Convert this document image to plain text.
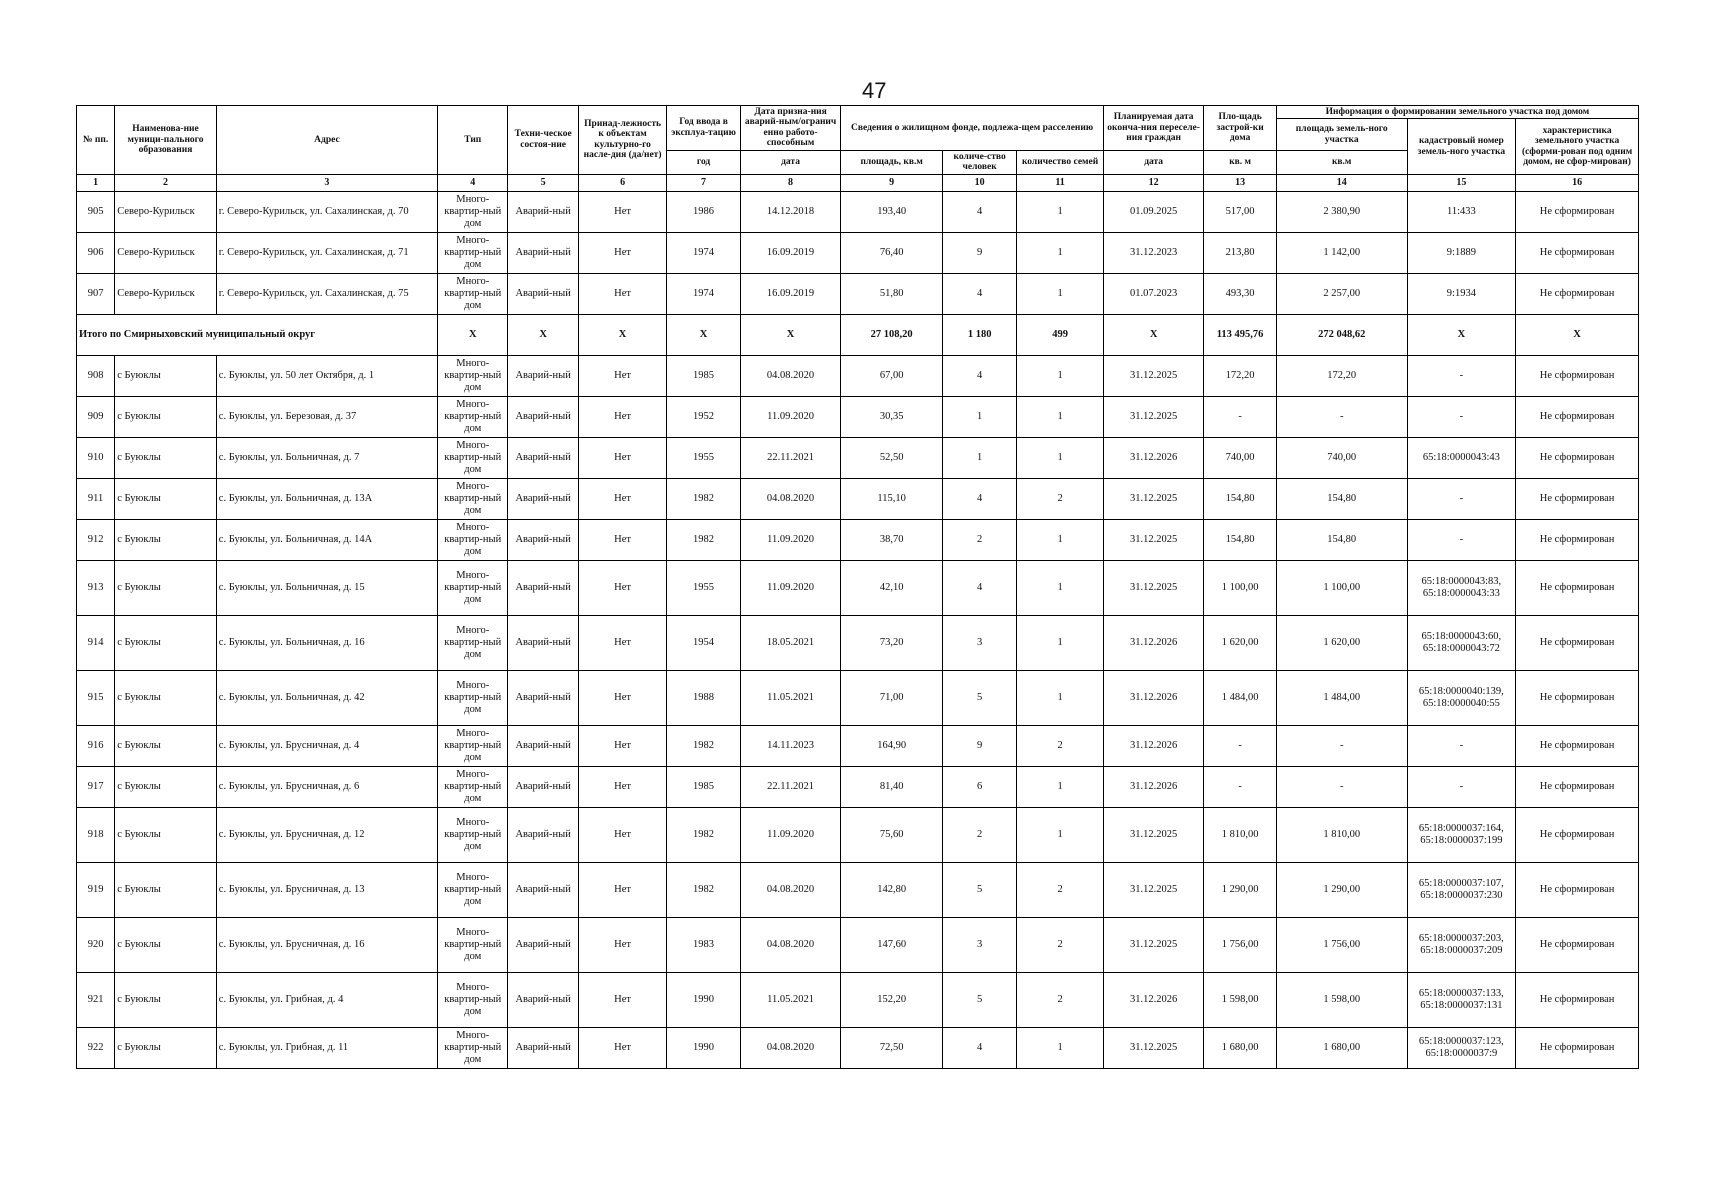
47
№ пп.	Наименова-ние муници-пального образования	Адрес	Тип	Техни-ческое состоя-ние	Принад-лежность к объектам культурно-го насле-дия (да/нет)	Год ввода в эксплуа-тацию	Дата призна-ния аварий-ным/огранич енно работо-способным	Сведения о жилищном фонде, подлежа-щем расселению			Планируемая дата оконча-ния переселе-ния граждан	Пло-щадь застрой-ки дома	Информация о формировании земельного участка под домом		
													площадь земель-ного участка	кадастровый номер земель-ного участка	характеристика земельного участка (сформи-рован под одним домом, не сфор-мирован)
						год	дата	площадь, кв.м	количе-ство человек	количество семей	дата	кв. м	кв.м		
1	2	3	4	5	6	7	8	9	10	11	12	13	14	15	16
905	Северо-Курильск	г. Северо-Курильск, ул. Сахалинская, д. 70	Много-квартир-ный дом	Аварий-ный	Нет	1986	14.12.2018	193,40	4	1	01.09.2025	517,00	2 380,90	11:433	Не сформирован
906	Северо-Курильск	г. Северо-Курильск, ул. Сахалинская, д. 71	Много-квартир-ный дом	Аварий-ный	Нет	1974	16.09.2019	76,40	9	1	31.12.2023	213,80	1 142,00	9:1889	Не сформирован
907	Северо-Курильск	г. Северо-Курильск, ул. Сахалинская, д. 75	Много-квартир-ный дом	Аварий-ный	Нет	1974	16.09.2019	51,80	4	1	01.07.2023	493,30	2 257,00	9:1934	Не сформирован
Итого по Смирныховский муниципальный округ			X	X	X	X	X	27 108,20	1 180	499	X	113 495,76	272 048,62	X	X
908	с Буюклы	с. Буюклы, ул. 50 лет Октября, д. 1	Много-квартир-ный дом	Аварий-ный	Нет	1985	04.08.2020	67,00	4	1	31.12.2025	172,20	172,20	-	Не сформирован
909	с Буюклы	с. Буюклы, ул. Березовая, д. 37	Много-квартир-ный дом	Аварий-ный	Нет	1952	11.09.2020	30,35	1	1	31.12.2025	-	-	-	Не сформирован
910	с Буюклы	с. Буюклы, ул. Больничная, д. 7	Много-квартир-ный дом	Аварий-ный	Нет	1955	22.11.2021	52,50	1	1	31.12.2026	740,00	740,00	65:18:0000043:43	Не сформирован
911	с Буюклы	с. Буюклы, ул. Больничная, д. 13А	Много-квартир-ный дом	Аварий-ный	Нет	1982	04.08.2020	115,10	4	2	31.12.2025	154,80	154,80	-	Не сформирован
912	с Буюклы	с. Буюклы, ул. Больничная, д. 14А	Много-квартир-ный дом	Аварий-ный	Нет	1982	11.09.2020	38,70	2	1	31.12.2025	154,80	154,80	-	Не сформирован
913	с Буюклы	с. Буюклы, ул. Больничная, д. 15	Много-квартир-ный дом	Аварий-ный	Нет	1955	11.09.2020	42,10	4	1	31.12.2025	1 100,00	1 100,00	65:18:0000043:83, 65:18:0000043:33	Не сформирован
914	с Буюклы	с. Буюклы, ул. Больничная, д. 16	Много-квартир-ный дом	Аварий-ный	Нет	1954	18.05.2021	73,20	3	1	31.12.2026	1 620,00	1 620,00	65:18:0000043:60, 65:18:0000043:72	Не сформирован
915	с Буюклы	с. Буюклы, ул. Больничная, д. 42	Много-квартир-ный дом	Аварий-ный	Нет	1988	11.05.2021	71,00	5	1	31.12.2026	1 484,00	1 484,00	65:18:0000040:139, 65:18:0000040:55	Не сформирован
916	с Буюклы	с. Буюклы, ул. Брусничная, д. 4	Много-квартир-ный дом	Аварий-ный	Нет	1982	14.11.2023	164,90	9	2	31.12.2026	-	-	-	Не сформирован
917	с Буюклы	с. Буюклы, ул. Брусничная, д. 6	Много-квартир-ный дом	Аварий-ный	Нет	1985	22.11.2021	81,40	6	1	31.12.2026	-	-	-	Не сформирован
918	с Буюклы	с. Буюклы, ул. Брусничная, д. 12	Много-квартир-ный дом	Аварий-ный	Нет	1982	11.09.2020	75,60	2	1	31.12.2025	1 810,00	1 810,00	65:18:0000037:164, 65:18:0000037:199	Не сформирован
919	с Буюклы	с. Буюклы, ул. Брусничная, д. 13	Много-квартир-ный дом	Аварий-ный	Нет	1982	04.08.2020	142,80	5	2	31.12.2025	1 290,00	1 290,00	65:18:0000037:107, 65:18:0000037:230	Не сформирован
920	с Буюклы	с. Буюклы, ул. Брусничная, д. 16	Много-квартир-ный дом	Аварий-ный	Нет	1983	04.08.2020	147,60	3	2	31.12.2025	1 756,00	1 756,00	65:18:0000037:203, 65:18:0000037:209	Не сформирован
921	с Буюклы	с. Буюклы, ул. Грибная, д. 4	Много-квартир-ный дом	Аварий-ный	Нет	1990	11.05.2021	152,20	5	2	31.12.2026	1 598,00	1 598,00	65:18:0000037:133, 65:18:0000037:131	Не сформирован
922	с Буюклы	с. Буюклы, ул. Грибная, д. 11	Много-квартир-ный дом	Аварий-ный	Нет	1990	04.08.2020	72,50	4	1	31.12.2025	1 680,00	1 680,00	65:18:0000037:123, 65:18:0000037:9	Не сформирован
